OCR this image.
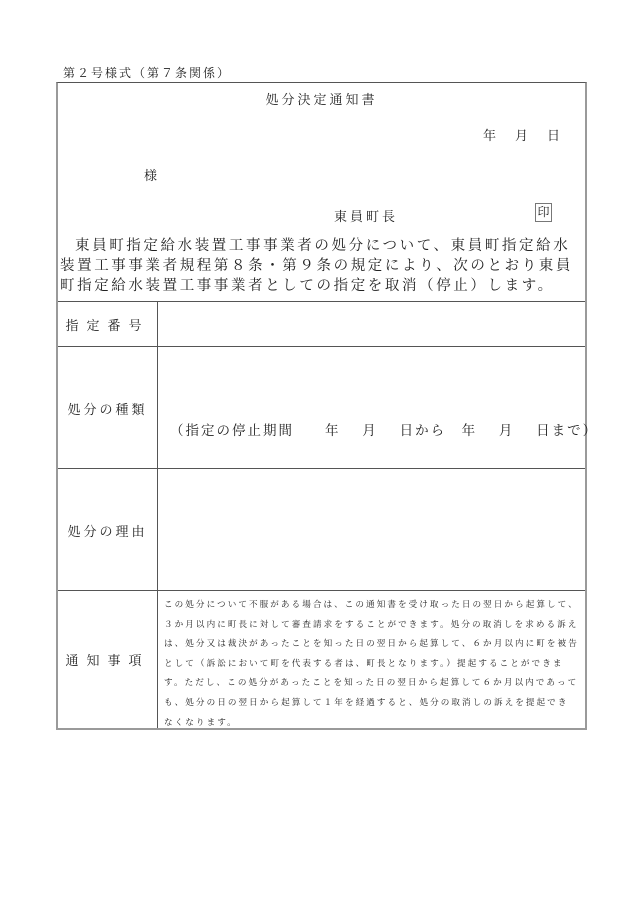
第２号様式（第７条関係）
処分決定通知書
年 月 日
様
東員町長	印
東員町指定給水装置工事事業者の処分について、東員町指定給水装置工事事業者規程第８条・第９条の規定により、次のとおり東員町指定給水装置工事事業者としての指定を取消（停止）します。
指定番号
処分の種類
（指定の停止期間　　年　 月　 日から　年　 月　 日まで）
処分の理由
通知事項
この処分について不服がある場合は、この通知書を受け取った日の翌日から起算して、３か月以内に町長に対して審査請求をすることができます。処分の取消しを求める訴えは、処分又は裁決があったことを知った日の翌日から起算して、６か月以内に町を被告として（訴訟において町を代表する者は、町長となります。）提起することができます。ただし、この処分があったことを知った日の翌日から起算して６か月以内であっても、処分の日の翌日から起算して１年を経過すると、処分の取消しの訴えを提起できなくなります。
